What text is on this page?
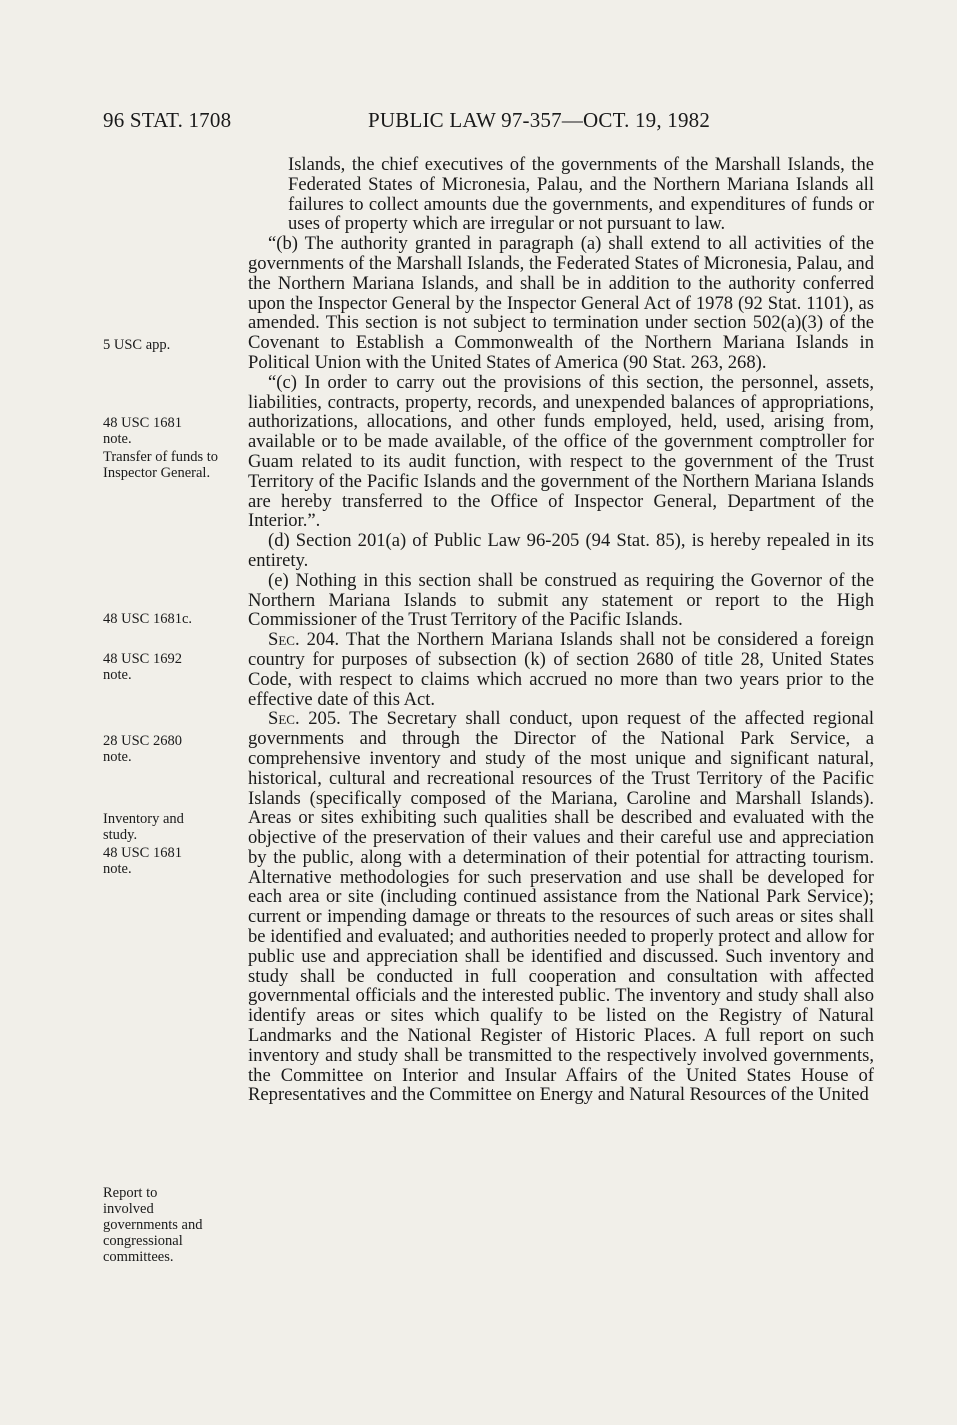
96 STAT. 1708	PUBLIC LAW 97-357—OCT. 19, 1982
5 USC app.
48 USC 1681 note.
Transfer of funds to Inspector General.
48 USC 1681c.
48 USC 1692 note.
28 USC 2680 note.
Inventory and study.
48 USC 1681 note.
Report to involved governments and congressional committees.

Islands, the chief executives of the governments of the Marshall Islands, the Federated States of Micronesia, Palau, and the Northern Mariana Islands all failures to collect amounts due the governments, and expenditures of funds or uses of property which are irregular or not pursuant to law.

“(b) The authority granted in paragraph (a) shall extend to all activities of the governments of the Marshall Islands, the Federated States of Micronesia, Palau, and the Northern Mariana Islands, and shall be in addition to the authority conferred upon the Inspector General by the Inspector General Act of 1978 (92 Stat. 1101), as amended. This section is not subject to termination under section 502(a)(3) of the Covenant to Establish a Commonwealth of the Northern Mariana Islands in Political Union with the United States of America (90 Stat. 263, 268).

“(c) In order to carry out the provisions of this section, the personnel, assets, liabilities, contracts, property, records, and unexpended balances of appropriations, authorizations, allocations, and other funds employed, held, used, arising from, available or to be made available, of the office of the government comptroller for Guam related to its audit function, with respect to the government of the Trust Territory of the Pacific Islands and the government of the Northern Mariana Islands are hereby transferred to the Office of Inspector General, Department of the Interior.”.

(d) Section 201(a) of Public Law 96-205 (94 Stat. 85), is hereby repealed in its entirety.

(e) Nothing in this section shall be construed as requiring the Governor of the Northern Mariana Islands to submit any statement or report to the High Commissioner of the Trust Territory of the Pacific Islands.

Sec. 204. That the Northern Mariana Islands shall not be considered a foreign country for purposes of subsection (k) of section 2680 of title 28, United States Code, with respect to claims which accrued no more than two years prior to the effective date of this Act.

Sec. 205. The Secretary shall conduct, upon request of the affected regional governments and through the Director of the National Park Service, a comprehensive inventory and study of the most unique and significant natural, historical, cultural and recreational resources of the Trust Territory of the Pacific Islands (specifically composed of the Mariana, Caroline and Marshall Islands). Areas or sites exhibiting such qualities shall be described and evaluated with the objective of the preservation of their values and their careful use and appreciation by the public, along with a determination of their potential for attracting tourism. Alternative methodologies for such preservation and use shall be developed for each area or site (including continued assistance from the National Park Service); current or impending damage or threats to the resources of such areas or sites shall be identified and evaluated; and authorities needed to properly protect and allow for public use and appreciation shall be identified and discussed. Such inventory and study shall be conducted in full cooperation and consultation with affected governmental officials and the interested public. The inventory and study shall also identify areas or sites which qualify to be listed on the Registry of Natural Landmarks and the National Register of Historic Places. A full report on such inventory and study shall be transmitted to the respectively involved governments, the Committee on Interior and Insular Affairs of the United States House of Representatives and the Committee on Energy and Natural Resources of the United
